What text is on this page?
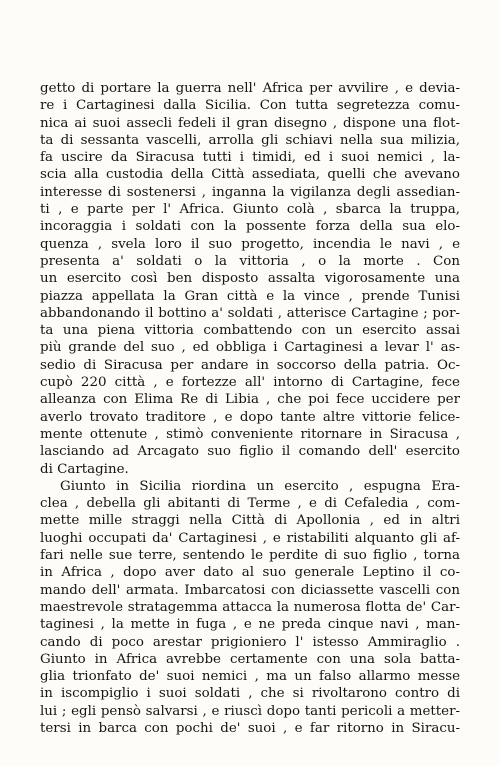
getto di portare la guerra nell' Africa per avvilire , e devia-
re i Cartaginesi dalla Sicilia. Con tutta segretezza comu-
nica ai suoi assecli fedeli il gran disegno , dispone una flot-
ta di sessanta vascelli, arrolla gli schiavi nella sua milizia,
fa uscire da Siracusa tutti i timidi, ed i suoi nemici , la-
scia alla custodia della Città assediata, quelli che avevano
interesse di sostenersi , inganna la vigilanza degli assedian-
ti , e parte per l' Africa. Giunto colà , sbarca la truppa,
incoraggia i soldati con la possente forza della sua elo-
quenza , svela loro il suo progetto, incendia le navi , e
presenta a' soldati o la vittoria , o la morte . Con
un esercito così ben disposto assalta vigorosamente una
piazza appellata la Gran città e la vince , prende Tunisi
abbandonando il bottino a' soldati , atterisce Cartagine ; por-
ta una piena vittoria combattendo con un esercito assai
più grande del suo , ed obbliga i Cartaginesi a levar l' as-
sedio di Siracusa per andare in soccorso della patria. Oc-
cupò 220 città , e fortezze all' intorno di Cartagine, fece
alleanza con Elima Re di Libia , che poi fece uccidere per
averlo trovato traditore , e dopo tante altre vittorie felice-
mente ottenute , stimò conveniente ritornare in Siracusa ,
lasciando ad Arcagato suo figlio il comando dell' esercito
di Cartagine.
Giunto in Sicilia riordina un esercito , espugna Era-
clea , debella gli abitanti di Terme , e di Cefaledia , com-
mette mille straggi nella Città di Apollonia , ed in altri
luoghi occupati da' Cartaginesi , e ristabiliti alquanto gli af-
fari nelle sue terre, sentendo le perdite di suo figlio , torna
in Africa , dopo aver dato al suo generale Leptino il co-
mando dell' armata. Imbarcatosi con diciassette vascelli con
maestrevole stratagemma attacca la numerosa flotta de' Car-
taginesi , la mette in fuga , e ne preda cinque navi , man-
cando di poco arestar prigioniero l' istesso Ammiraglio .
Giunto in Africa avrebbe certamente con una sola batta-
glia trionfato de' suoi nemici , ma un falso allarmo messe
in iscompiglio i suoi soldati , che si rivoltarono contro di
lui ; egli pensò salvarsi , e riuscì dopo tanti pericoli a metter-
tersi in barca con pochi de' suoi , e far ritorno in Siracu-
